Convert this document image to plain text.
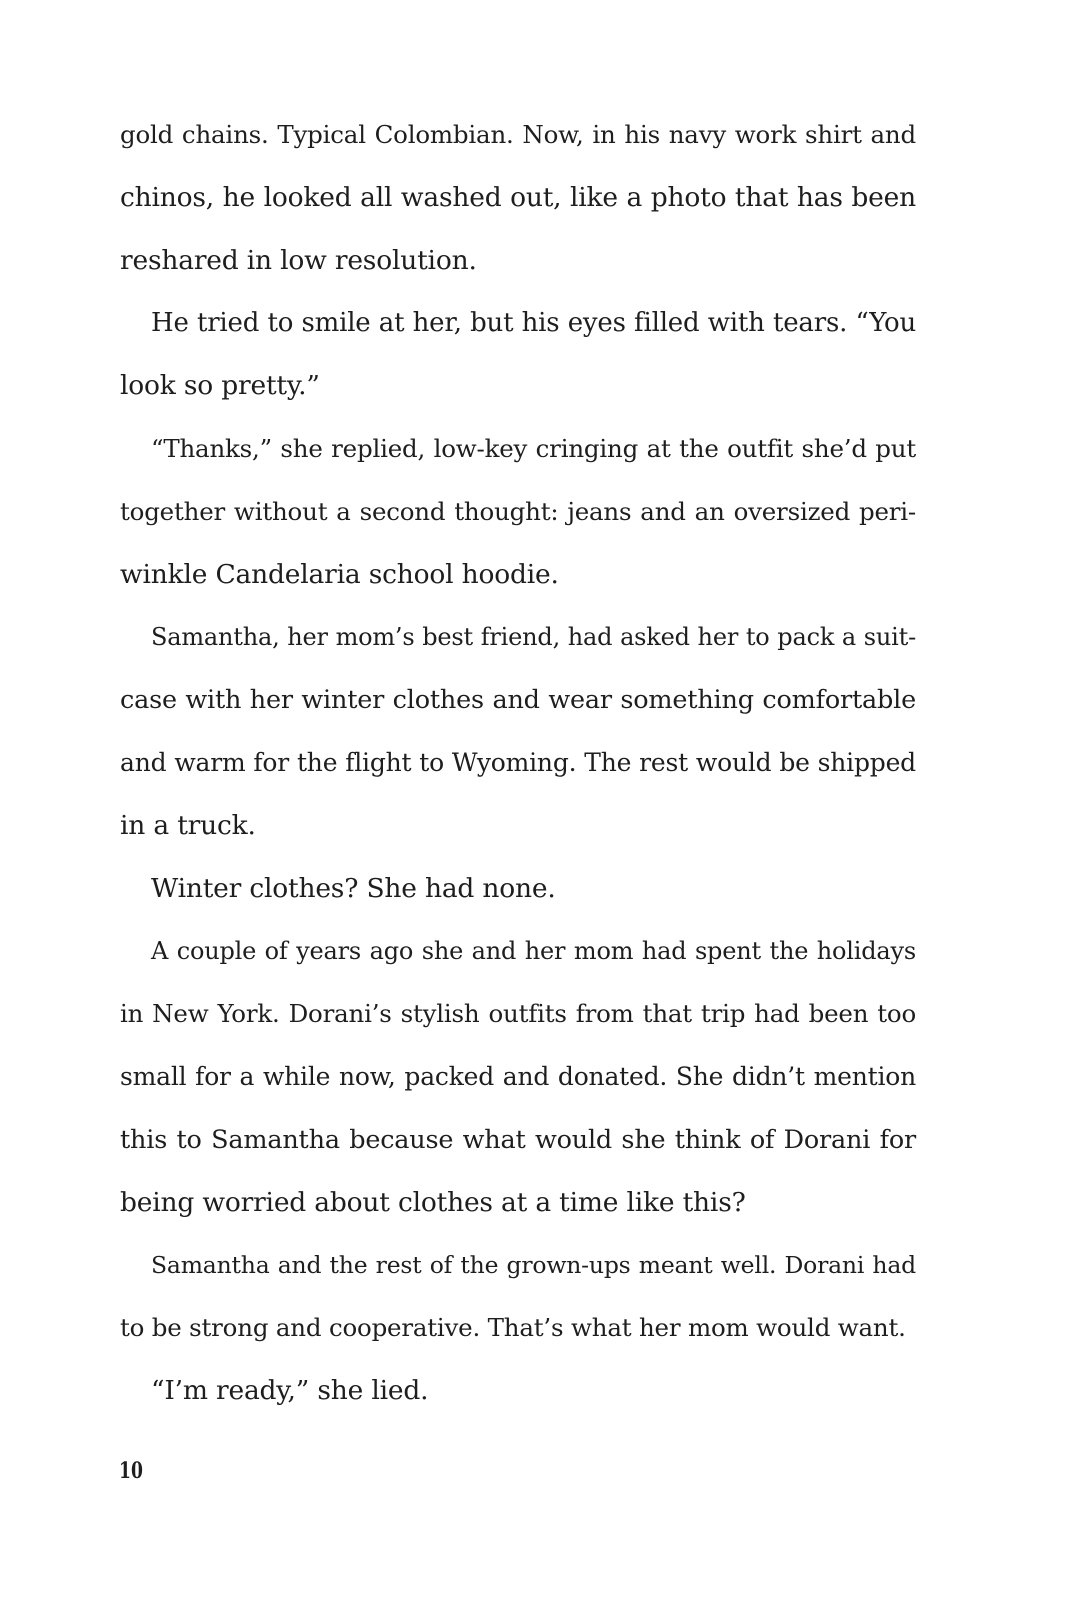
gold chains. Typical Colombian. Now, in his navy work shirt and
chinos, he looked all washed out, like a photo that has been
reshared in low resolution.
He tried to smile at her, but his eyes filled with tears. “You
look so pretty.”
“Thanks,” she replied, low-key cringing at the outfit she’d put
together without a second thought: jeans and an oversized peri-
winkle Candelaria school hoodie.
Samantha, her mom’s best friend, had asked her to pack a suit-
case with her winter clothes and wear something comfortable
and warm for the flight to Wyoming. The rest would be shipped
in a truck.
Winter clothes? She had none.
A couple of years ago she and her mom had spent the holidays
in New York. Dorani’s stylish outfits from that trip had been too
small for a while now, packed and donated. She didn’t mention
this to Samantha because what would she think of Dorani for
being worried about clothes at a time like this?
Samantha and the rest of the grown-ups meant well. Dorani had
to be strong and cooperative. That’s what her mom would want.
“I’m ready,” she lied.
10
